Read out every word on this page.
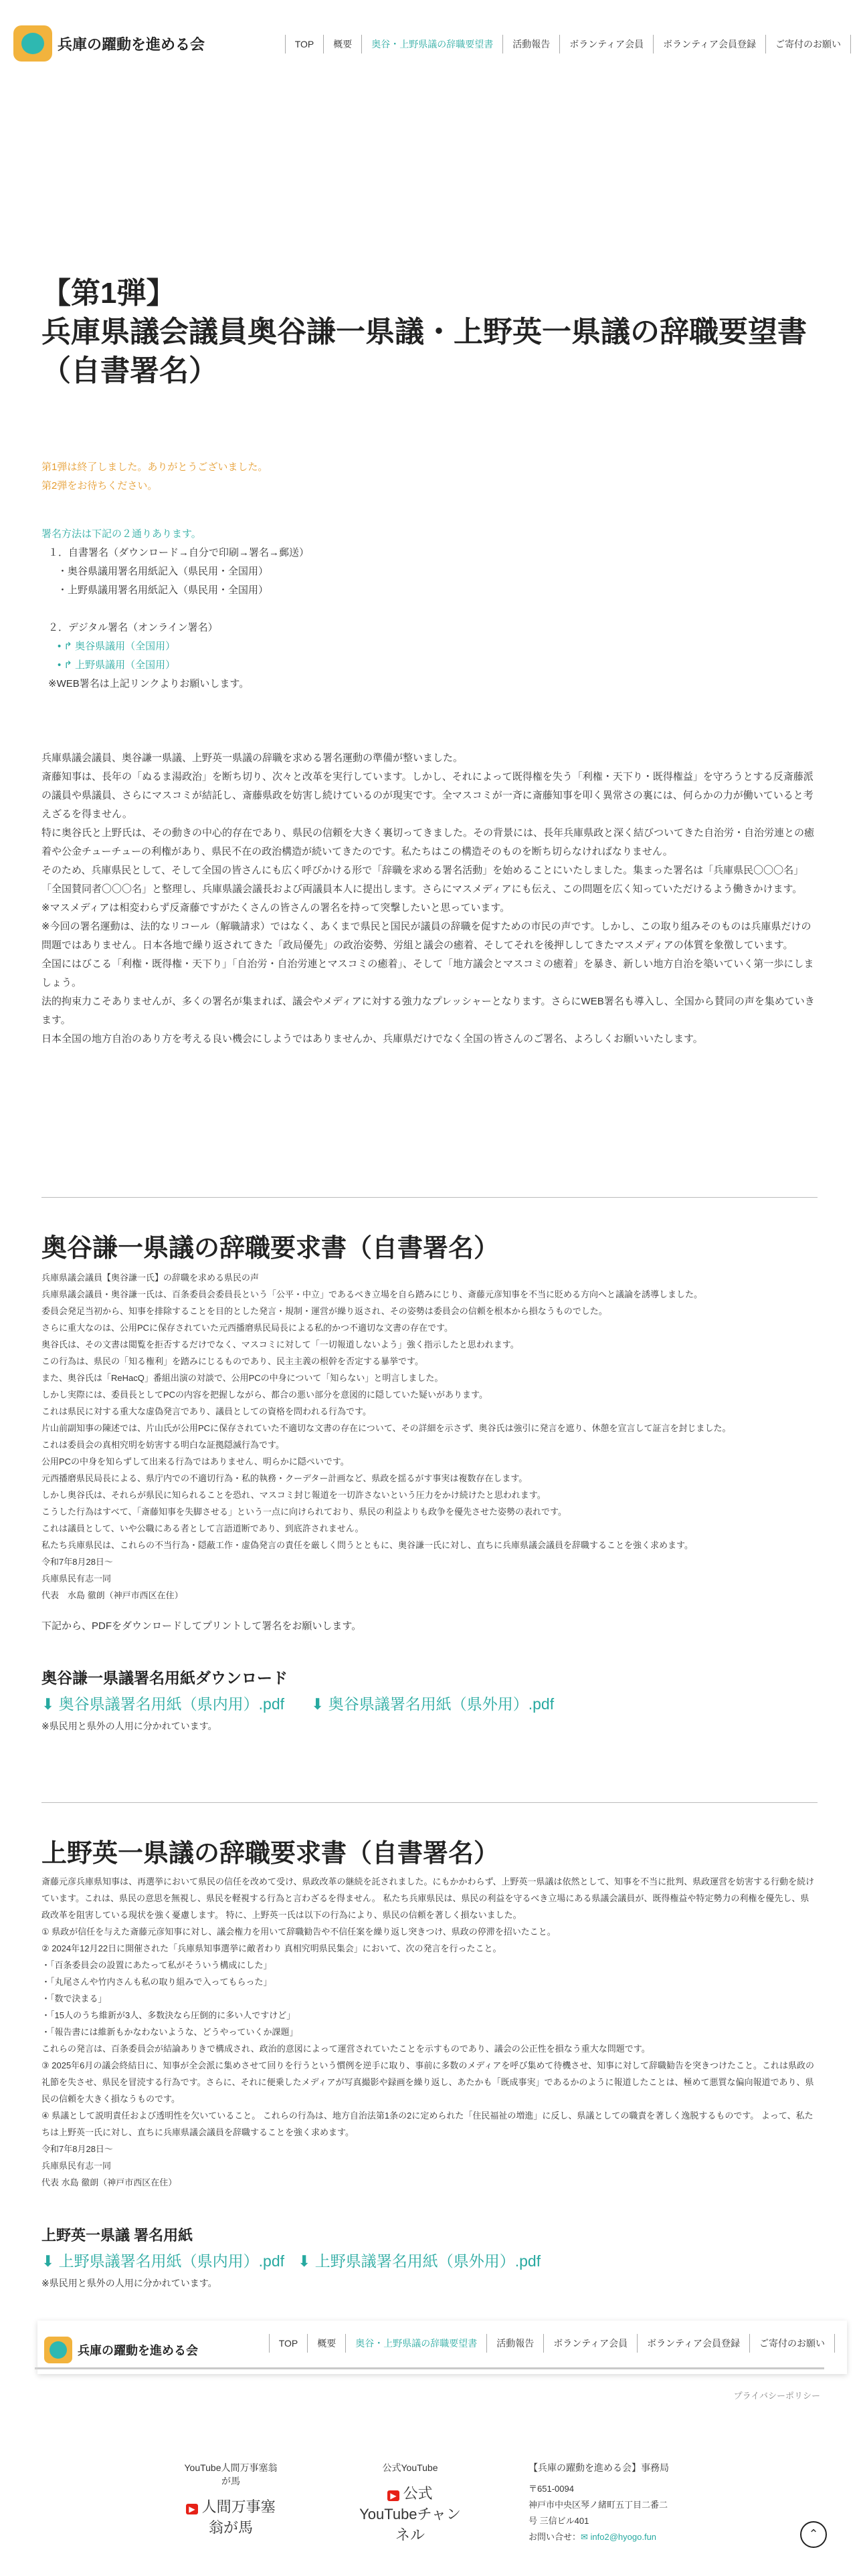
兵庫の躍動を進める会	TOP	概要	奥谷・上野県議の辞職要望書	活動報告	ボランティア会員	ボランティア会員登録	ご寄付のお願い
【第1弾】
兵庫県議会議員奥谷謙一県議・上野英一県議の辞職要望書（自書署名）
第1弾は終了しました。ありがとうございました。
第2弾をお待ちください。
署名方法は下記の２通りあります。
１．自書署名（ダウンロード→自分で印刷→署名→郵送）
・奥谷県議用署名用紙記入（県民用・全国用）
・上野県議用署名用紙記入（県民用・全国用）
２．デジタル署名（オンライン署名）
• ↱ 奥谷県議用（全国用）
• ↱ 上野県議用（全国用）
※WEB署名は上記リンクよりお願いします。

兵庫県議会議員、奥谷謙一県議、上野英一県議の辞職を求める署名運動の準備が整いました。

斎藤知事は、長年の「ぬるま湯政治」を断ち切り、次々と改革を実行しています。しかし、それによって既得権を失う「利権・天下り・既得権益」を守ろうとする反斎藤派の議員や県議員、さらにマスコミが結託し、斎藤県政を妨害し続けているのが現実です。全マスコミが一斉に斎藤知事を叩く異常さの裏には、何らかの力が働いていると考えざるを得ません。

特に奥谷氏と上野氏は、その動きの中心的存在であり、県民の信頼を大きく裏切ってきました。その背景には、長年兵庫県政と深く結びついてきた自治労・自治労連との癒着や公金チューチューの利権があり、県民不在の政治構造が続いてきたのです。私たちはこの構造そのものを断ち切らなければなりません。

そのため、兵庫県民として、そして全国の皆さんにも広く呼びかける形で「辞職を求める署名活動」を始めることにいたしました。集まった署名は「兵庫県民〇〇〇名」「全国賛同者〇〇〇名」と整理し、兵庫県議会議長および両議員本人に提出します。さらにマスメディアにも伝え、この問題を広く知っていただけるよう働きかけます。

※マスメディアは相変わらず反斎藤ですがたくさんの皆さんの署名を持って突撃したいと思っています。

※今回の署名運動は、法的なリコール（解職請求）ではなく、あくまで県民と国民が議員の辞職を促すための市民の声です。しかし、この取り組みそのものは兵庫県だけの問題ではありません。日本各地で繰り返されてきた「政局優先」の政治姿勢、労組と議会の癒着、そしてそれを後押ししてきたマスメディアの体質を象徴しています。

全国にはびこる「利権・既得権・天下り」「自治労・自治労連とマスコミの癒着」、そして「地方議会とマスコミの癒着」を暴き、新しい地方自治を築いていく第一歩にしましょう。

法的拘束力こそありませんが、多くの署名が集まれば、議会やメディアに対する強力なプレッシャーとなります。さらにWEB署名も導入し、全国から賛同の声を集めていきます。

日本全国の地方自治のあり方を考える良い機会にしようではありませんか、兵庫県だけでなく全国の皆さんのご署名、よろしくお願いいたします。

奥谷謙一県議の辞職要求書（自書署名）
兵庫県議会議員【奥谷謙一氏】の辞職を求める県民の声
兵庫県議会議員・奥谷謙一氏は、百条委員会委員長という「公平・中立」であるべき立場を自ら踏みにじり、斎藤元彦知事を不当に貶める方向へと議論を誘導しました。
委員会発足当初から、知事を排除することを目的とした発言・規制・運営が繰り返され、その姿勢は委員会の信頼を根本から損なうものでした。
さらに重大なのは、公用PCに保存されていた元西播磨県民局長による私的かつ不適切な文書の存在です。
奥谷氏は、その文書は閲覧を拒否するだけでなく、マスコミに対して「一切報道しないよう」強く指示したと思われます。
この行為は、県民の「知る権利」を踏みにじるものであり、民主主義の根幹を否定する暴挙です。
また、奥谷氏は「ReHacQ」番組出演の対談で、公用PCの中身について「知らない」と明言しました。
しかし実際には、委員長としてPCの内容を把握しながら、都合の悪い部分を意図的に隠していた疑いがあります。
これは県民に対する重大な虚偽発言であり、議員としての資格を問われる行為です。
片山前副知事の陳述では、片山氏が公用PCに保存されていた不適切な文書の存在について、その詳細を示さず、奥谷氏は強引に発言を遮り、休憩を宣言して証言を封じました。
これは委員会の真相究明を妨害する明白な証拠隠滅行為です。
公用PCの中身を知らずして出来る行為ではありません、明らかに隠ぺいです。
元西播磨県民局長による、県庁内での不適切行為・私的執務・クーデター計画など、県政を揺るがす事実は複数存在します。
しかし奥谷氏は、それらが県民に知られることを恐れ、マスコミ封じ報道を一切許さないという圧力をかけ続けたと思われます。
こうした行為はすべて、「斎藤知事を失脚させる」という一点に向けられており、県民の利益よりも政争を優先させた姿勢の表れです。
これは議員として、いや公職にある者として言語道断であり、到底許されません。
私たち兵庫県民は、これらの不当行為・隠蔽工作・虚偽発言の責任を厳しく問うとともに、奥谷謙一氏に対し、直ちに兵庫県議会議員を辞職することを強く求めます。
令和7年8月28日～
兵庫県民有志一同
代表　水島 徹朗（神戸市西区在住）
下記から、PDFをダウンロードしてプリントして署名をお願いします。
奥谷謙一県議署名用紙ダウンロード
⬇ 奥谷県議署名用紙（県内用）.pdf ⬇ 奥谷県議署名用紙（県外用）.pdf
※県民用と県外の人用に分かれています。
上野英一県議の辞職要求書（自書署名）
斎藤元彦兵庫県知事は、再選挙において県民の信任を改めて受け、県政改革の継続を託されました。にもかかわらず、上野英一県議は依然として、知事を不当に批判、県政運営を妨害する行動を続けています。これは、県民の意思を無視し、県民を軽視する行為と言わざるを得ません。 私たち兵庫県民は、県民の利益を守るべき立場にある県議会議員が、既得権益や特定勢力の利権を優先し、県政改革を阻害している現状を強く憂慮します。 特に、上野英一氏は以下の行為により、県民の信頼を著しく損ないました。
① 県政が信任を与えた斎藤元彦知事に対し、議会権力を用いて辞職勧告や不信任案を繰り返し突きつけ、県政の停滞を招いたこと。
② 2024年12月22日に開催された「兵庫県知事選挙に敵者わり 真相究明県民集会」において、次の発言を行ったこと。
・「百条委員会の設置にあたって私がそういう構成にした」
・「丸尾さんや竹内さんも私の取り組みで入ってもらった」
・「数で決まる」
・「15人のうち維新が3人、多数決なら圧倒的に多い人ですけど」
・「報告書には維新もかなわないような、どうやっていくか課題」
これらの発言は、百条委員会が結論ありきで構成され、政治的意図によって運営されていたことを示すものであり、議会の公正性を損なう重大な問題です。
③ 2025年6月の議会終結日に、知事が全会派に集めさせて回りを行うという慣例を逆手に取り、事前に多数のメディアを呼び集めて待機させ、知事に対して辞職勧告を突きつけたこと。これは県政の礼節を失させ、県民を冒涜する行為です。さらに、それに便乗したメディアが写真撮影や録画を繰り返し、あたかも「既成事実」であるかのように報道したことは、極めて悪質な偏向報道であり、県民の信頼を大きく損なうものです。
④ 県議として説明責任および透明性を欠いていること。 これらの行為は、地方自治法第1条の2に定められた「住民福祉の増進」に反し、県議としての職責を著しく逸脱するものです。 よって、私たちは上野英一氏に対し、直ちに兵庫県議会議員を辞職することを強く求めます。
令和7年8月28日～
兵庫県民有志一同
代表 水島 徹朗（神戸市西区在住）
上野英一県議 署名用紙
⬇ 上野県議署名用紙（県内用）.pdf ⬇ 上野県議署名用紙（県外用）.pdf
※県民用と県外の人用に分かれています。
兵庫の躍動を進める会
TOP	概要	奥谷・上野県議の辞職要望書	活動報告	ボランティア会員	ボランティア会員登録	ご寄付のお願い
プライバシーポリシー
YouTube人間万事塞翁が馬
▶ 人間万事塞
翁が馬
公式YouTube
▶ 公式
YouTubeチャン
ネル
【兵庫の躍動を進める会】事務局
〒651-0094
神戸市中央区琴ノ緒町五丁目二番二
号 三信ビル401
お問い合せ：✉ info2@hyogo.fun	⌃
